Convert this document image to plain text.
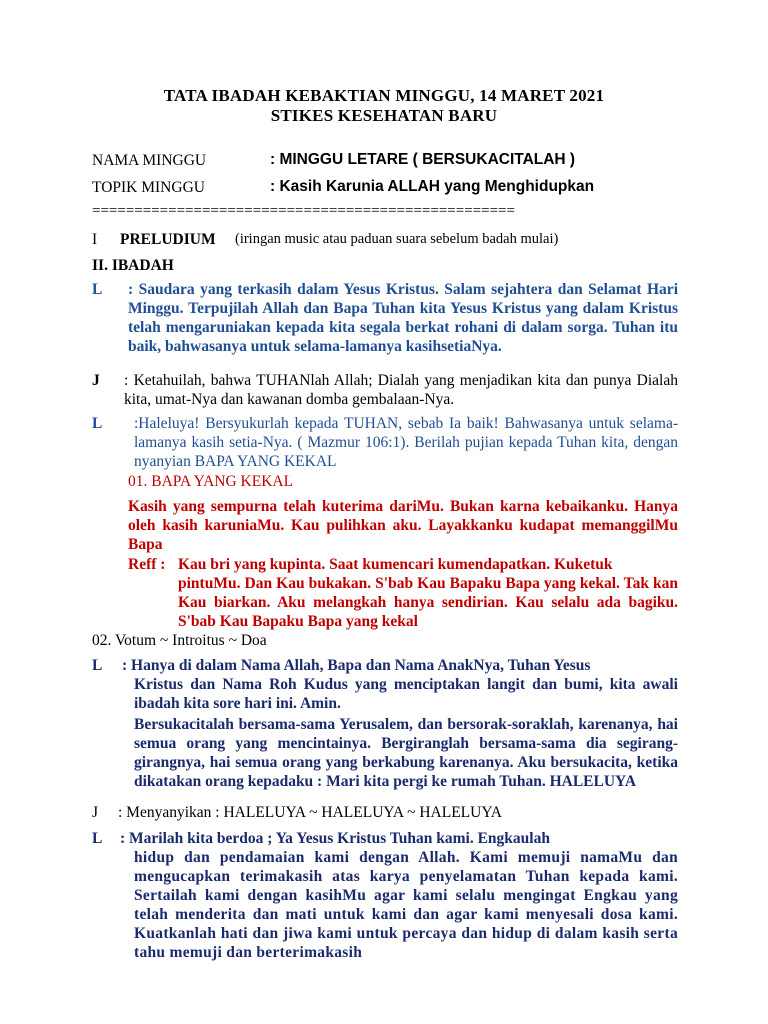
TATA IBADAH KEBAKTIAN MINGGU, 14 MARET 2021
STIKES KESEHATAN BARU
NAMA MINGGU	: MINGGU LETARE ( BERSUKACITALAH )
TOPIK MINGGU	: Kasih Karunia ALLAH yang Menghidupkan
==================================================
I PRELUDIUM (iringan music atau paduan suara sebelum badah mulai)
II. IBADAH
L : Saudara yang terkasih dalam Yesus Kristus. Salam sejahtera dan Selamat Hari Minggu. Terpujilah Allah dan Bapa Tuhan kita Yesus Kristus yang dalam Kristus telah mengaruniakan kepada kita segala berkat rohani di dalam sorga. Tuhan itu baik, bahwasanya untuk selama-lamanya kasihsetiaNya.
J : Ketahuilah, bahwa TUHANlah Allah; Dialah yang menjadikan kita dan punya Dialah kita, umat-Nya dan kawanan domba gembalaan-Nya.
L :Haleluya! Bersyukurlah kepada TUHAN, sebab Ia baik! Bahwasanya untuk selama-lamanya kasih setia-Nya. ( Mazmur 106:1). Berilah pujian kepada Tuhan kita, dengan nyanyian BAPA YANG KEKAL
01. BAPA YANG KEKAL
Kasih yang sempurna telah kuterima dariMu. Bukan karna kebaikanku. Hanya oleh kasih karuniaMu. Kau pulihkan aku. Layakkanku kudapat memanggilMu Bapa
Reff : Kau bri yang kupinta. Saat kumencari kumendapatkan. Kuketuk
pintuMu. Dan Kau bukakan. S'bab Kau Bapaku Bapa yang kekal. Tak kan Kau biarkan. Aku melangkah hanya sendirian. Kau selalu ada bagiku. S'bab Kau Bapaku Bapa yang kekal
02. Votum ~ Introitus ~ Doa
L : Hanya di dalam Nama Allah, Bapa dan Nama AnakNya, Tuhan Yesus
Kristus dan Nama Roh Kudus yang menciptakan langit dan bumi, kita awali ibadah kita sore hari ini. Amin.
Bersukacitalah bersama-sama Yerusalem, dan bersorak-soraklah, karenanya, hai semua orang yang mencintainya. Bergiranglah bersama-sama dia segirang-girangnya, hai semua orang yang berkabung karenanya. Aku bersukacita, ketika dikatakan orang kepadaku : Mari kita pergi ke rumah Tuhan. HALELUYA
J : Menyanyikan : HALELUYA ~ HALELUYA ~ HALELUYA
L : Marilah kita berdoa ; Ya Yesus Kristus Tuhan kami. Engkaulah
hidup dan pendamaian kami dengan Allah. Kami memuji namaMu dan mengucapkan terimakasih atas karya penyelamatan Tuhan kepada kami. Sertailah kami dengan kasihMu agar kami selalu mengingat Engkau yang telah menderita dan mati untuk kami dan agar kami menyesali dosa kami. Kuatkanlah hati dan jiwa kami untuk percaya dan hidup di dalam kasih serta tahu memuji dan berterimakasih
